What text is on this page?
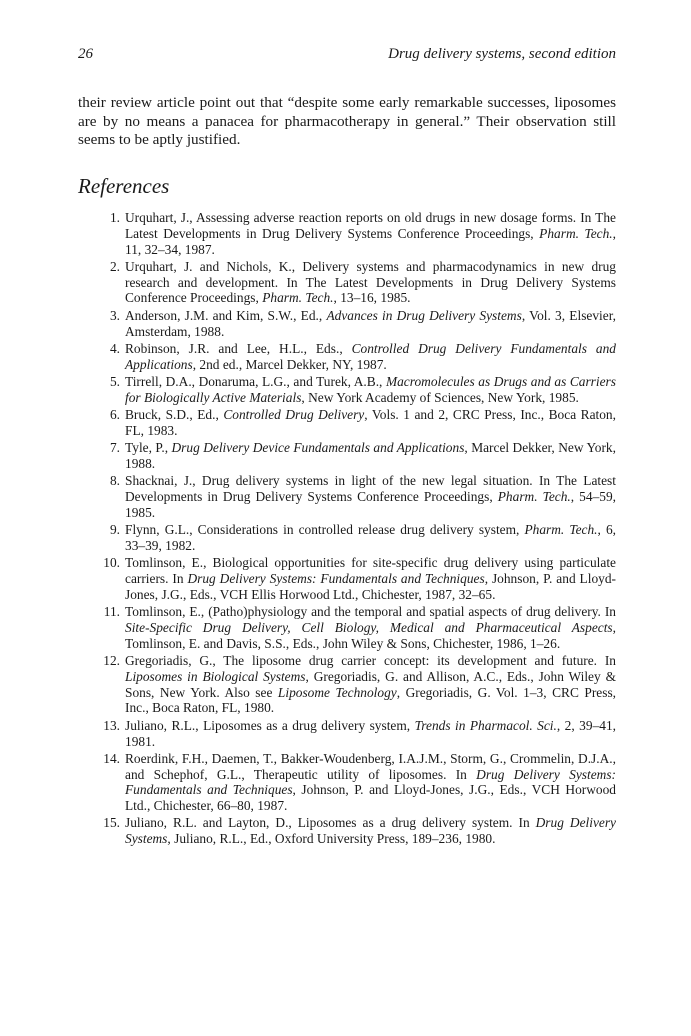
26	Drug delivery systems, second edition

their review article point out that “despite some early remarkable successes, liposomes are by no means a panacea for pharmacotherapy in general.” Their observation still seems to be aptly justified.

References
1. Urquhart, J., Assessing adverse reaction reports on old drugs in new dosage forms. In The Latest Developments in Drug Delivery Systems Conference Proceedings, Pharm. Tech., 11, 32–34, 1987.
2. Urquhart, J. and Nichols, K., Delivery systems and pharmacodynamics in new drug research and development. In The Latest Developments in Drug Delivery Systems Conference Proceedings, Pharm. Tech., 13–16, 1985.
3. Anderson, J.M. and Kim, S.W., Ed., Advances in Drug Delivery Systems, Vol. 3, Elsevier, Amsterdam, 1988.
4. Robinson, J.R. and Lee, H.L., Eds., Controlled Drug Delivery Fundamentals and Applications, 2nd ed., Marcel Dekker, NY, 1987.
5. Tirrell, D.A., Donaruma, L.G., and Turek, A.B., Macromolecules as Drugs and as Carriers for Biologically Active Materials, New York Academy of Sciences, New York, 1985.
6. Bruck, S.D., Ed., Controlled Drug Delivery, Vols. 1 and 2, CRC Press, Inc., Boca Raton, FL, 1983.
7. Tyle, P., Drug Delivery Device Fundamentals and Applications, Marcel Dekker, New York, 1988.
8. Shacknai, J., Drug delivery systems in light of the new legal situation. In The Latest Developments in Drug Delivery Systems Conference Proceedings, Pharm. Tech., 54–59, 1985.
9. Flynn, G.L., Considerations in controlled release drug delivery system, Pharm. Tech., 6, 33–39, 1982.
10. Tomlinson, E., Biological opportunities for site-specific drug delivery using particulate carriers. In Drug Delivery Systems: Fundamentals and Techniques, Johnson, P. and Lloyd-Jones, J.G., Eds., VCH Ellis Horwood Ltd., Chichester, 1987, 32–65.
11. Tomlinson, E., (Patho)physiology and the temporal and spatial aspects of drug delivery. In Site-Specific Drug Delivery, Cell Biology, Medical and Pharmaceutical Aspects, Tomlinson, E. and Davis, S.S., Eds., John Wiley & Sons, Chichester, 1986, 1–26.
12. Gregoriadis, G., The liposome drug carrier concept: its development and future. In Liposomes in Biological Systems, Gregoriadis, G. and Allison, A.C., Eds., John Wiley & Sons, New York. Also see Liposome Technology, Gregoriadis, G. Vol. 1–3, CRC Press, Inc., Boca Raton, FL, 1980.
13. Juliano, R.L., Liposomes as a drug delivery system, Trends in Pharmacol. Sci., 2, 39–41, 1981.
14. Roerdink, F.H., Daemen, T., Bakker-Woudenberg, I.A.J.M., Storm, G., Crommelin, D.J.A., and Schephof, G.L., Therapeutic utility of liposomes. In Drug Delivery Systems: Fundamentals and Techniques, Johnson, P. and Lloyd-Jones, J.G., Eds., VCH Horwood Ltd., Chichester, 66–80, 1987.
15. Juliano, R.L. and Layton, D., Liposomes as a drug delivery system. In Drug Delivery Systems, Juliano, R.L., Ed., Oxford University Press, 189–236, 1980.
